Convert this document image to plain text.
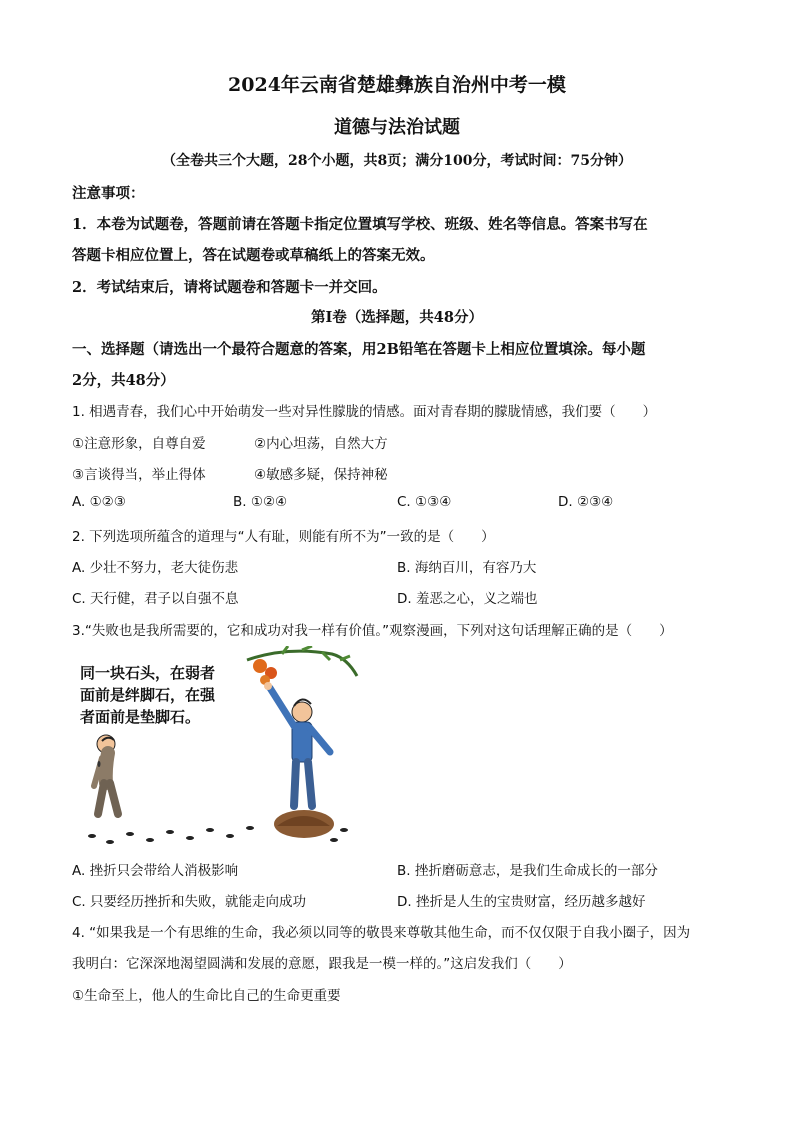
2024年云南省楚雄彝族自治州中考一模
道德与法治试题
（全卷共三个大题，28个小题，共8页；满分100分，考试时间：75分钟）
注意事项：
1．本卷为试题卷，答题前请在答题卡指定位置填写学校、班级、姓名等信息。答案书写在
答题卡相应位置上，答在试题卷或草稿纸上的答案无效。
2．考试结束后，请将试题卷和答题卡一并交回。
第Ⅰ卷（选择题，共48分）
一、选择题（请选出一个最符合题意的答案，用2B铅笔在答题卡上相应位置填涂。每小题
2分，共48分）
1. 相遇青春，我们心中开始萌发一些对异性朦胧的情感。面对青春期的朦胧情感，我们要（　　）
①注意形象，自尊自爱	②内心坦荡，自然大方
③言谈得当，举止得体	④敏感多疑，保持神秘
A. ①②③	B. ①②④	C. ①③④	D. ②③④
2. 下列选项所蕴含的道理与“人有耻，则能有所不为”一致的是（　　）
A. 少壮不努力，老大徒伤悲	B. 海纳百川，有容乃大
C. 天行健，君子以自强不息	D. 羞恶之心，义之端也
3.“失败也是我所需要的，它和成功对我一样有价值。”观察漫画，下列对这句话理解正确的是（　　）
同一块石头，在弱者
面前是绊脚石，在强
者面前是垫脚石。
A. 挫折只会带给人消极影响	B. 挫折磨砺意志，是我们生命成长的一部分
C. 只要经历挫折和失败，就能走向成功	D. 挫折是人生的宝贵财富，经历越多越好
4. “如果我是一个有思维的生命，我必须以同等的敬畏来尊敬其他生命，而不仅仅限于自我小圈子，因为
我明白：它深深地渴望圆满和发展的意愿，跟我是一模一样的。”这启发我们（　　）
①生命至上，他人的生命比自己的生命更重要
